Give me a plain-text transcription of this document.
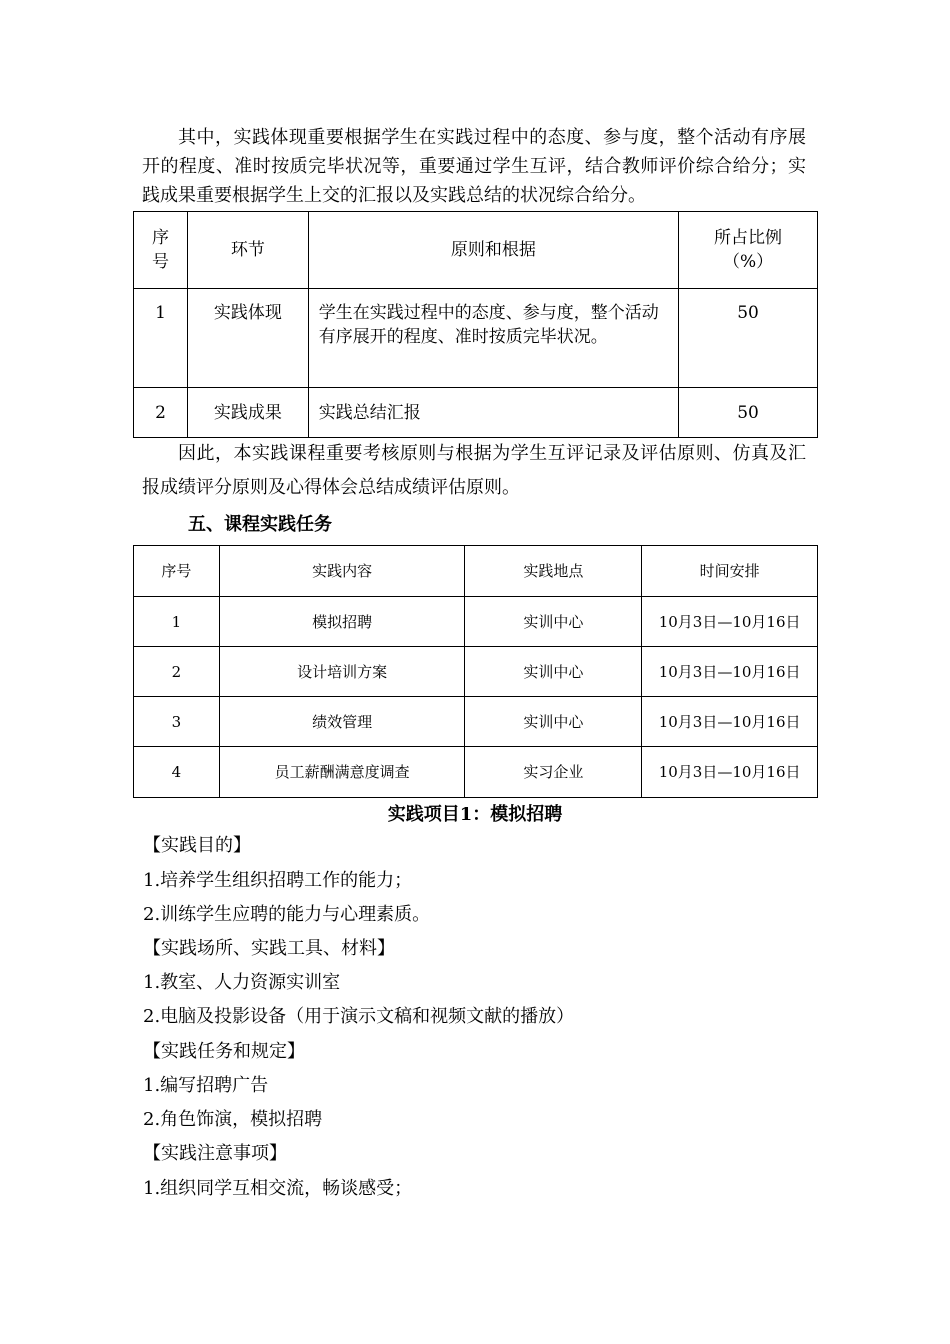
其中，实践体现重要根据学生在实践过程中的态度、参与度，整个活动有序展开的程度、准时按质完毕状况等，重要通过学生互评，结合教师评价综合给分；实践成果重要根据学生上交的汇报以及实践总结的状况综合给分。

序号	环节	原则和根据	所占比例（%）
1	实践体现	学生在实践过程中的态度、参与度，整个活动有序展开的程度、准时按质完毕状况。	50
2	实践成果	实践总结汇报	50

因此，本实践课程重要考核原则与根据为学生互评记录及评估原则、仿真及汇报成绩评分原则及心得体会总结成绩评估原则。

五、课程实践任务

序号	实践内容	实践地点	时间安排
1	模拟招聘	实训中心	10月3日—10月16日
2	设计培训方案	实训中心	10月3日—10月16日
3	绩效管理	实训中心	10月3日—10月16日
4	员工薪酬满意度调查	实习企业	10月3日—10月16日

实践项目1：模拟招聘

【实践目的】

1.培养学生组织招聘工作的能力；

2.训练学生应聘的能力与心理素质。

【实践场所、实践工具、材料】

1.教室、人力资源实训室

2.电脑及投影设备（用于演示文稿和视频文献的播放）

【实践任务和规定】

1.编写招聘广告

2.角色饰演，模拟招聘

【实践注意事项】

1.组织同学互相交流，畅谈感受；
